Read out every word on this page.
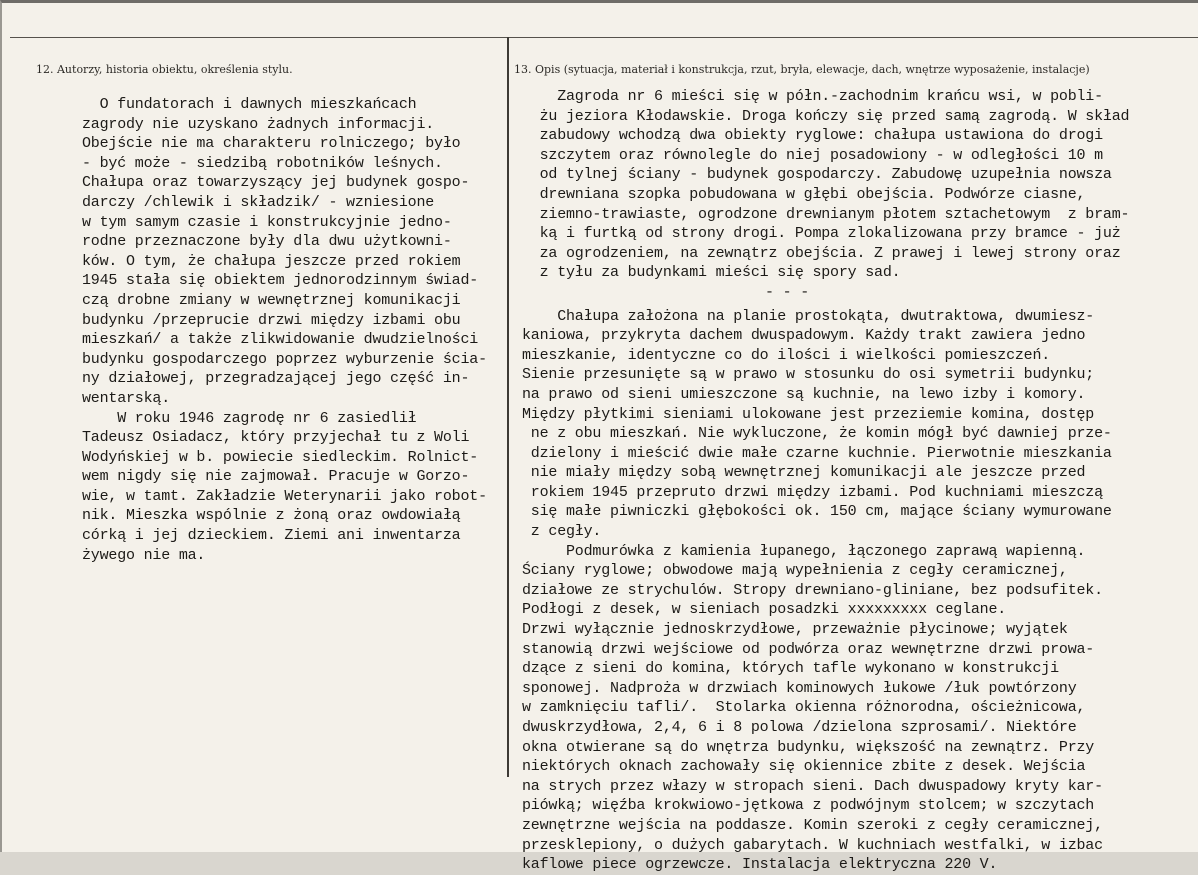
12. Autorzy, historia obiektu, określenia stylu.	13. Opis (sytuacja, materiał i konstrukcja, rzut, bryła, elewacje, dach, wnętrze wyposażenie, instalacje)
O fundatorach i dawnych mieszkańcach
zagrody nie uzyskano żadnych informacji.
Obejście nie ma charakteru rolniczego; było
- być może - siedzibą robotników leśnych.
Chałupa oraz towarzyszący jej budynek gospo-
darczy /chlewik i składzik/ - wzniesione
w tym samym czasie i konstrukcyjnie jedno-
rodne przeznaczone były dla dwu użytkowni-
ków. O tym, że chałupa jeszcze przed rokiem
1945 stała się obiektem jednorodzinnym świad-
czą drobne zmiany w wewnętrznej komunikacji
budynku /przeprucie drzwi między izbami obu
mieszkań/ a także zlikwidowanie dwudzielności
budynku gospodarczego poprzez wyburzenie ścia-
ny działowej, przegradzającej jego część in-
wentarską.
W roku 1946 zagrodę nr 6 zasiedlił
Tadeusz Osiadacz, który przyjechał tu z Woli
Wodyńskiej w b. powiecie siedleckim. Rolnict-
wem nigdy się nie zajmował. Pracuje w Gorzo-
wie, w tamt. Zakładzie Weterynarii jako robot-
nik. Mieszka wspólnie z żoną oraz owdowiałą
córką i jej dzieckiem. Ziemi ani inwentarza
żywego nie ma.
Zagroda nr 6 mieści się w półn.-zachodnim krańcu wsi, w pobli-
żu jeziora Kłodawskie. Droga kończy się przed samą zagrodą. W skład
zabudowy wchodzą dwa obiekty ryglowe: chałupa ustawiona do drogi
szczytem oraz równolegle do niej posadowiony - w odległości 10 m
od tylnej ściany - budynek gospodarczy. Zabudowę uzupełnia nowsza
drewniana szopka pobudowana w głębi obejścia. Podwórze ciasne,
ziemno-trawiaste, ogrodzone drewnianym płotem sztachetowym  z bram-
ką i furtką od strony drogi. Pompa zlokalizowana przy bramce - już
za ogrodzeniem, na zewnątrz obejścia. Z prawej i lewej strony oraz
z tyłu za budynkami mieści się spory sad.
- - -
Chałupa założona na planie prostokąta, dwutraktowa, dwumiesz-
kaniowa, przykryta dachem dwuspadowym. Każdy trakt zawiera jedno
mieszkanie, identyczne co do ilości i wielkości pomieszczeń.
Sienie przesunięte są w prawo w stosunku do osi symetrii budynku;
na prawo od sieni umieszczone są kuchnie, na lewo izby i komory.
Między płytkimi sieniami ulokowane jest przeziemie komina, dostęp
ne z obu mieszkań. Nie wykluczone, że komin mógł być dawniej prze-
dzielony i mieścić dwie małe czarne kuchnie. Pierwotnie mieszkania
nie miały między sobą wewnętrznej komunikacji ale jeszcze przed
rokiem 1945 przepruto drzwi między izbami. Pod kuchniami mieszczą
się małe piwniczki głębokości ok. 150 cm, mające ściany wymurowane
z cegły.
Podmurówka z kamienia łupanego, łączonego zaprawą wapienną.
Ściany ryglowe; obwodowe mają wypełnienia z cegły ceramicznej,
działowe ze strychulów. Stropy drewniano-gliniane, bez podsufitek.
Podłogi z desek, w sieniach posadzki xxxxxxxxx ceglane.
Drzwi wyłącznie jednoskrzydłowe, przeważnie płycinowe; wyjątek
stanowią drzwi wejściowe od podwórza oraz wewnętrzne drzwi prowa-
dzące z sieni do komina, których tafle wykonano w konstrukcji
sponowej. Nadproża w drzwiach kominowych łukowe /łuk powtórzony
w zamknięciu tafli/.  Stolarka okienna różnorodna, ościeżnicowa,
dwuskrzydłowa, 2,4, 6 i 8 polowa /dzielona szprosami/. Niektóre
okna otwierane są do wnętrza budynku, większość na zewnątrz. Przy
niektórych oknach zachowały się okiennice zbite z desek. Wejścia
na strych przez włazy w stropach sieni. Dach dwuspadowy kryty kar-
piówką; więźba krokwiowo-jętkowa z podwójnym stolcem; w szczytach
zewnętrzne wejścia na poddasze. Komin szeroki z cegły ceramicznej,
przesklepiony, o dużych gabarytach. W kuchniach westfalki, w izbac
kaflowe piece ogrzewcze. Instalacja elektryczna 220 V.
